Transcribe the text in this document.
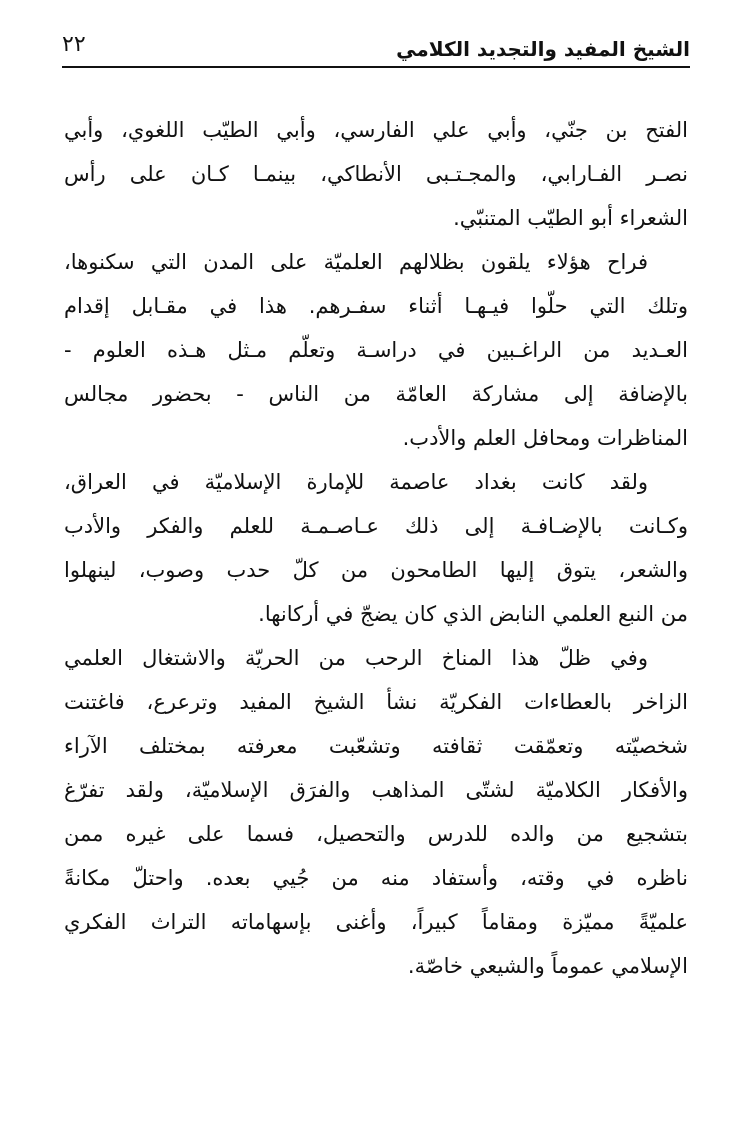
الشيخ المفيد والتجديد الكلامي
٢٢
الفتح بن جنّي، وأبي علي الفارسي، وأبي الطيّب اللغوي، وأبي
نصـر الفـارابي، والمجـتـبى الأنطاكي، بينمـا كـان على رأس
الشعراء أبو الطيّب المتنبّي.
فراح هؤلاء يلقون بظلالهم العلميّة على المدن التي سكنوها،
وتلك التي حلّوا فيـهـا أثناء سفـرهم. هذا في مقـابل إقدام
العـديد من الراغـبين في دراسـة وتعلّم مـثل هـذه العلوم -
بالإضافة إلى مشاركة العامّة من الناس - بحضور مجالس
المناظرات ومحافل العلم والأدب.
ولقد كانت بغداد عاصمة للإمارة الإسلاميّة في العراق،
وكـانت بالإضـافـة إلى ذلك عـاصـمـة للعلم والفكر والأدب
والشعر، يتوق إليها الطامحون من كلّ حدب وصوب، لينهلوا
من النبع العلمي النابض الذي كان يضجّ في أركانها.
وفي ظلّ هذا المناخ الرحب من الحريّة والاشتغال العلمي
الزاخر بالعطاءات الفكريّة نشأ الشيخ المفيد وترعرع، فاغتنت
شخصيّته وتعمّقت ثقافته وتشعّبت معرفته بمختلف الآراء
والأفكار الكلاميّة لشتّى المذاهب والفرَق الإسلاميّة، ولقد تفرّغ
بتشجيع من والده للدرس والتحصيل، فسما على غيره ممن
ناظره في وقته، وأستفاد منه من جُيي بعده. واحتلّ مكانةً
علميّةً مميّزة ومقاماً كبيراً، وأغنى بإسهاماته التراث الفكري
الإسلامي عموماً والشيعي خاصّة.
